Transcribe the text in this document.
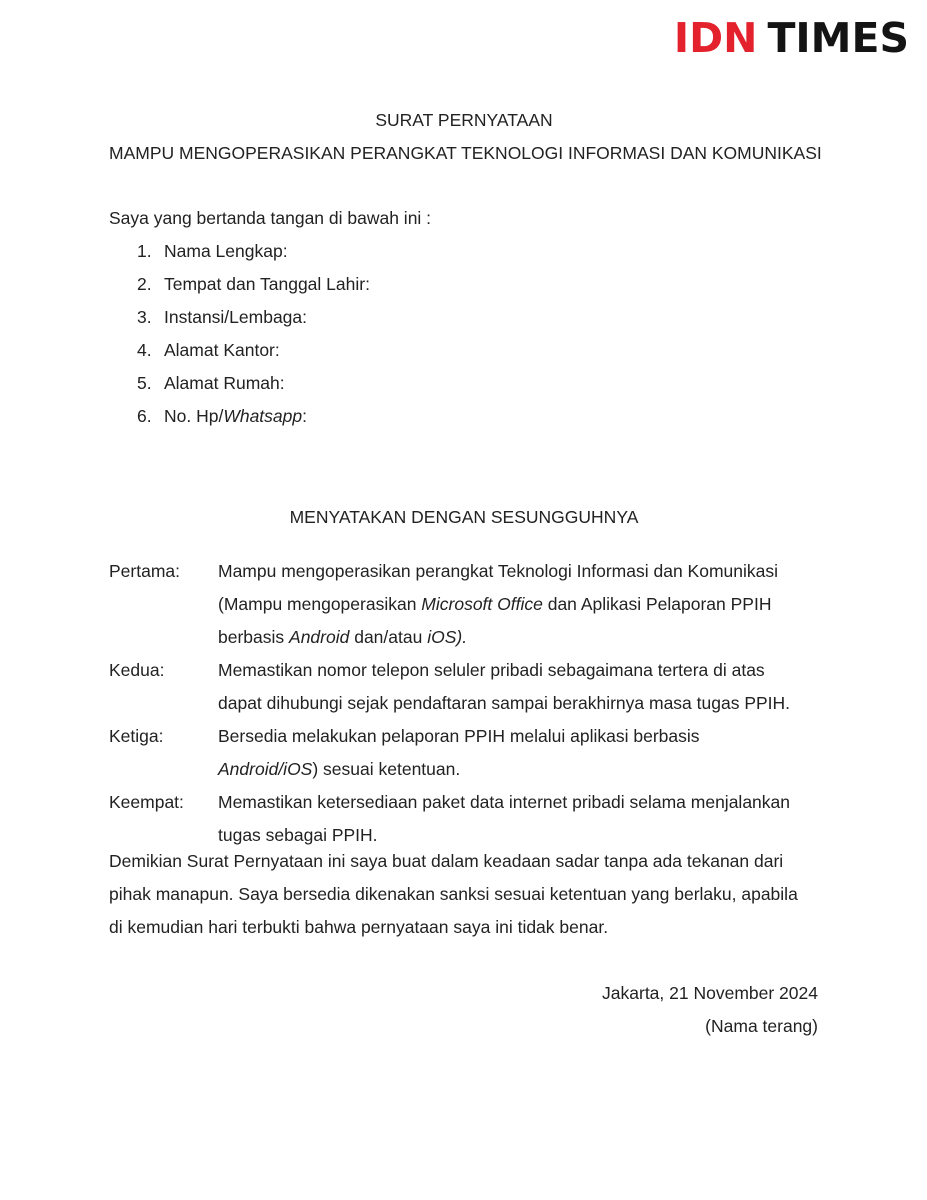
IDN TIMES
SURAT PERNYATAAN
MAMPU MENGOPERASIKAN PERANGKAT TEKNOLOGI INFORMASI DAN KOMUNIKASI
Saya yang bertanda tangan di bawah ini :
1. Nama Lengkap:
2. Tempat dan Tanggal Lahir:
3. Instansi/Lembaga:
4. Alamat Kantor:
5. Alamat Rumah:
6. No. Hp/Whatsapp:
MENYATAKAN DENGAN SESUNGGUHNYA
Pertama:	Mampu mengoperasikan perangkat Teknologi Informasi dan Komunikasi
(Mampu mengoperasikan Microsoft Office dan Aplikasi Pelaporan PPIH
berbasis Android dan/atau iOS).
Kedua:	Memastikan nomor telepon seluler pribadi sebagaimana tertera di atas
dapat dihubungi sejak pendaftaran sampai berakhirnya masa tugas PPIH.
Ketiga:	Bersedia melakukan pelaporan PPIH melalui aplikasi berbasis
Android/iOS) sesuai ketentuan.
Keempat:	Memastikan ketersediaan paket data internet pribadi selama menjalankan
tugas sebagai PPIH.
Demikian Surat Pernyataan ini saya buat dalam keadaan sadar tanpa ada tekanan dari
pihak manapun. Saya bersedia dikenakan sanksi sesuai ketentuan yang berlaku, apabila
di kemudian hari terbukti bahwa pernyataan saya ini tidak benar.
Jakarta, 21 November 2024
(Nama terang)
